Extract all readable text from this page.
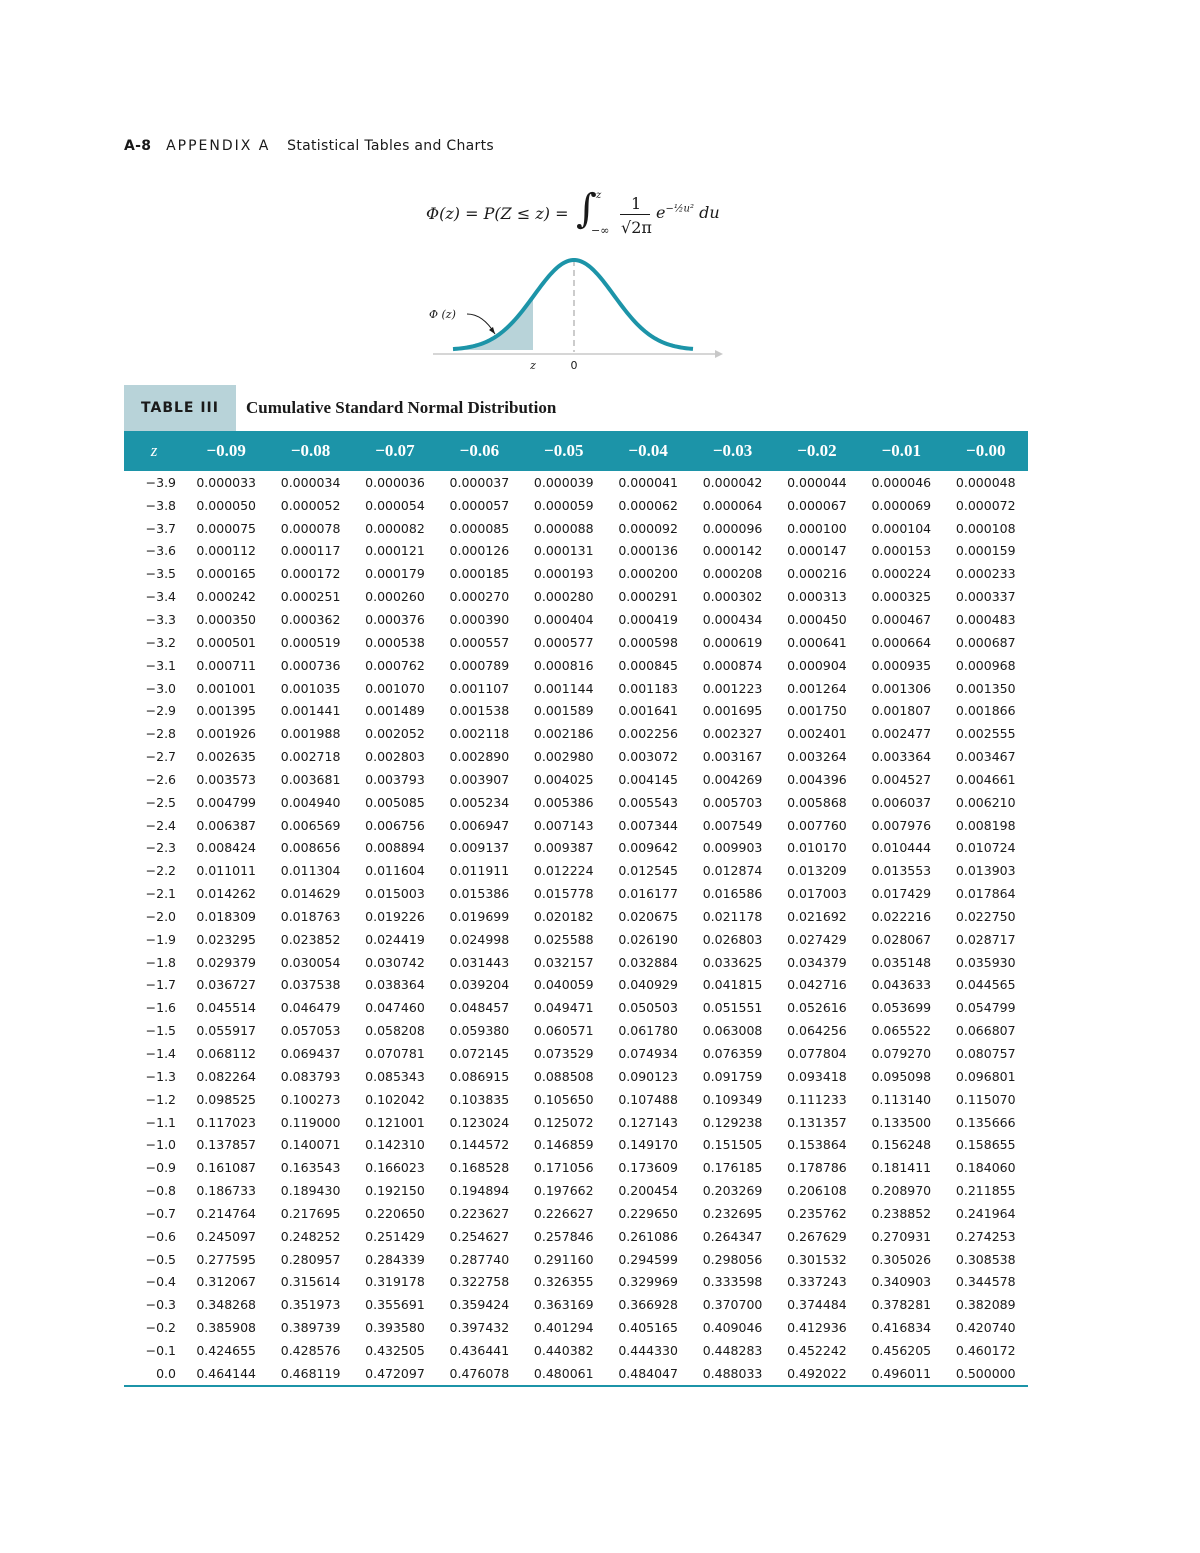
A-8 APPENDIX A Statistical Tables and Charts
Φ(z) = P(Z ≤ z) = ∫ z
−∞
1
√2π
$e^{-\frac{1}{2}u^2}$ du
Φ (z)
z	0
TABLE III	Cumulative Standard Normal Distribution
z	−0.09	−0.08	−0.07	−0.06	−0.05	−0.04	−0.03	−0.02	−0.01	−0.00
−3.9	0.000033	0.000034	0.000036	0.000037	0.000039	0.000041	0.000042	0.000044	0.000046	0.000048
−3.8	0.000050	0.000052	0.000054	0.000057	0.000059	0.000062	0.000064	0.000067	0.000069	0.000072
−3.7	0.000075	0.000078	0.000082	0.000085	0.000088	0.000092	0.000096	0.000100	0.000104	0.000108
−3.6	0.000112	0.000117	0.000121	0.000126	0.000131	0.000136	0.000142	0.000147	0.000153	0.000159
−3.5	0.000165	0.000172	0.000179	0.000185	0.000193	0.000200	0.000208	0.000216	0.000224	0.000233
−3.4	0.000242	0.000251	0.000260	0.000270	0.000280	0.000291	0.000302	0.000313	0.000325	0.000337
−3.3	0.000350	0.000362	0.000376	0.000390	0.000404	0.000419	0.000434	0.000450	0.000467	0.000483
−3.2	0.000501	0.000519	0.000538	0.000557	0.000577	0.000598	0.000619	0.000641	0.000664	0.000687
−3.1	0.000711	0.000736	0.000762	0.000789	0.000816	0.000845	0.000874	0.000904	0.000935	0.000968
−3.0	0.001001	0.001035	0.001070	0.001107	0.001144	0.001183	0.001223	0.001264	0.001306	0.001350
−2.9	0.001395	0.001441	0.001489	0.001538	0.001589	0.001641	0.001695	0.001750	0.001807	0.001866
−2.8	0.001926	0.001988	0.002052	0.002118	0.002186	0.002256	0.002327	0.002401	0.002477	0.002555
−2.7	0.002635	0.002718	0.002803	0.002890	0.002980	0.003072	0.003167	0.003264	0.003364	0.003467
−2.6	0.003573	0.003681	0.003793	0.003907	0.004025	0.004145	0.004269	0.004396	0.004527	0.004661
−2.5	0.004799	0.004940	0.005085	0.005234	0.005386	0.005543	0.005703	0.005868	0.006037	0.006210
−2.4	0.006387	0.006569	0.006756	0.006947	0.007143	0.007344	0.007549	0.007760	0.007976	0.008198
−2.3	0.008424	0.008656	0.008894	0.009137	0.009387	0.009642	0.009903	0.010170	0.010444	0.010724
−2.2	0.011011	0.011304	0.011604	0.011911	0.012224	0.012545	0.012874	0.013209	0.013553	0.013903
−2.1	0.014262	0.014629	0.015003	0.015386	0.015778	0.016177	0.016586	0.017003	0.017429	0.017864
−2.0	0.018309	0.018763	0.019226	0.019699	0.020182	0.020675	0.021178	0.021692	0.022216	0.022750
−1.9	0.023295	0.023852	0.024419	0.024998	0.025588	0.026190	0.026803	0.027429	0.028067	0.028717
−1.8	0.029379	0.030054	0.030742	0.031443	0.032157	0.032884	0.033625	0.034379	0.035148	0.035930
−1.7	0.036727	0.037538	0.038364	0.039204	0.040059	0.040929	0.041815	0.042716	0.043633	0.044565
−1.6	0.045514	0.046479	0.047460	0.048457	0.049471	0.050503	0.051551	0.052616	0.053699	0.054799
−1.5	0.055917	0.057053	0.058208	0.059380	0.060571	0.061780	0.063008	0.064256	0.065522	0.066807
−1.4	0.068112	0.069437	0.070781	0.072145	0.073529	0.074934	0.076359	0.077804	0.079270	0.080757
−1.3	0.082264	0.083793	0.085343	0.086915	0.088508	0.090123	0.091759	0.093418	0.095098	0.096801
−1.2	0.098525	0.100273	0.102042	0.103835	0.105650	0.107488	0.109349	0.111233	0.113140	0.115070
−1.1	0.117023	0.119000	0.121001	0.123024	0.125072	0.127143	0.129238	0.131357	0.133500	0.135666
−1.0	0.137857	0.140071	0.142310	0.144572	0.146859	0.149170	0.151505	0.153864	0.156248	0.158655
−0.9	0.161087	0.163543	0.166023	0.168528	0.171056	0.173609	0.176185	0.178786	0.181411	0.184060
−0.8	0.186733	0.189430	0.192150	0.194894	0.197662	0.200454	0.203269	0.206108	0.208970	0.211855
−0.7	0.214764	0.217695	0.220650	0.223627	0.226627	0.229650	0.232695	0.235762	0.238852	0.241964
−0.6	0.245097	0.248252	0.251429	0.254627	0.257846	0.261086	0.264347	0.267629	0.270931	0.274253
−0.5	0.277595	0.280957	0.284339	0.287740	0.291160	0.294599	0.298056	0.301532	0.305026	0.308538
−0.4	0.312067	0.315614	0.319178	0.322758	0.326355	0.329969	0.333598	0.337243	0.340903	0.344578
−0.3	0.348268	0.351973	0.355691	0.359424	0.363169	0.366928	0.370700	0.374484	0.378281	0.382089
−0.2	0.385908	0.389739	0.393580	0.397432	0.401294	0.405165	0.409046	0.412936	0.416834	0.420740
−0.1	0.424655	0.428576	0.432505	0.436441	0.440382	0.444330	0.448283	0.452242	0.456205	0.460172
0.0	0.464144	0.468119	0.472097	0.476078	0.480061	0.484047	0.488033	0.492022	0.496011	0.500000
